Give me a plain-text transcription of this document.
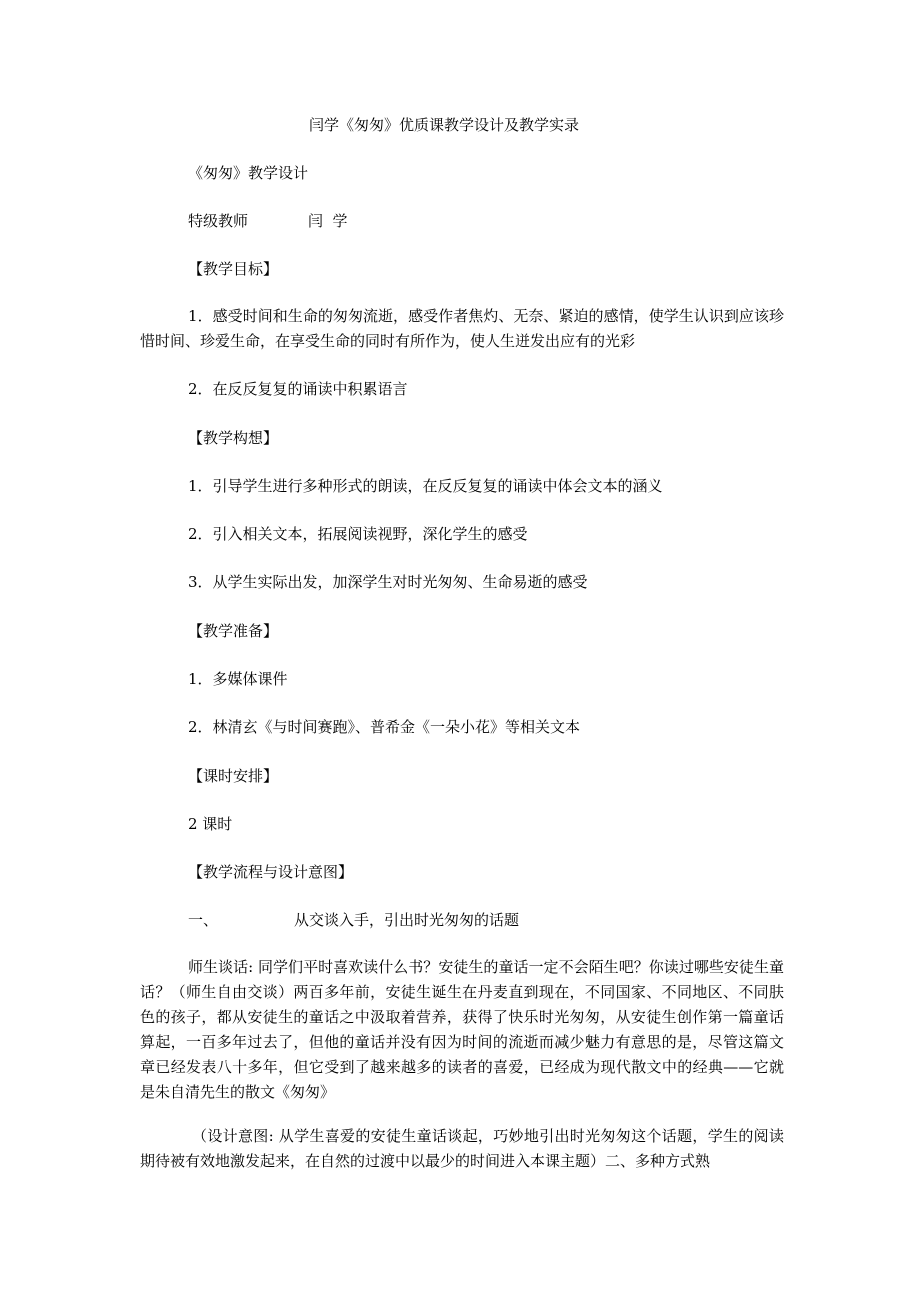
闫学《匆匆》优质课教学设计及教学实录
《匆匆》教学设计
特级教师	闫  学
【教学目标】
1．感受时间和生命的匆匆流逝，感受作者焦灼、无奈、紧迫的感情，使学生认识到应该珍惜时间、珍爱生命，在享受生命的同时有所作为，使人生迸发出应有的光彩
2．在反反复复的诵读中积累语言
【教学构想】
1．引导学生进行多种形式的朗读，在反反复复的诵读中体会文本的涵义
2．引入相关文本，拓展阅读视野，深化学生的感受
3．从学生实际出发，加深学生对时光匆匆、生命易逝的感受
【教学准备】
1．多媒体课件
2．林清玄《与时间赛跑》、普希金《一朵小花》等相关文本
【课时安排】
2 课时
【教学流程与设计意图】
一、	从交谈入手，引出时光匆匆的话题
师生谈话: 同学们平时喜欢读什么书？安徒生的童话一定不会陌生吧？你读过哪些安徒生童话？（师生自由交谈）两百多年前，安徒生诞生在丹麦直到现在，不同国家、不同地区、不同肤色的孩子，都从安徒生的童话之中汲取着营养，获得了快乐时光匆匆，从安徒生创作第一篇童话算起，一百多年过去了，但他的童话并没有因为时间的流逝而减少魅力有意思的是，尽管这篇文章已经发表八十多年，但它受到了越来越多的读者的喜爱，已经成为现代散文中的经典——它就是朱自清先生的散文《匆匆》
（设计意图: 从学生喜爱的安徒生童话谈起，巧妙地引出时光匆匆这个话题，学生的阅读期待被有效地激发起来，在自然的过渡中以最少的时间进入本课主题）二、多种方式熟
